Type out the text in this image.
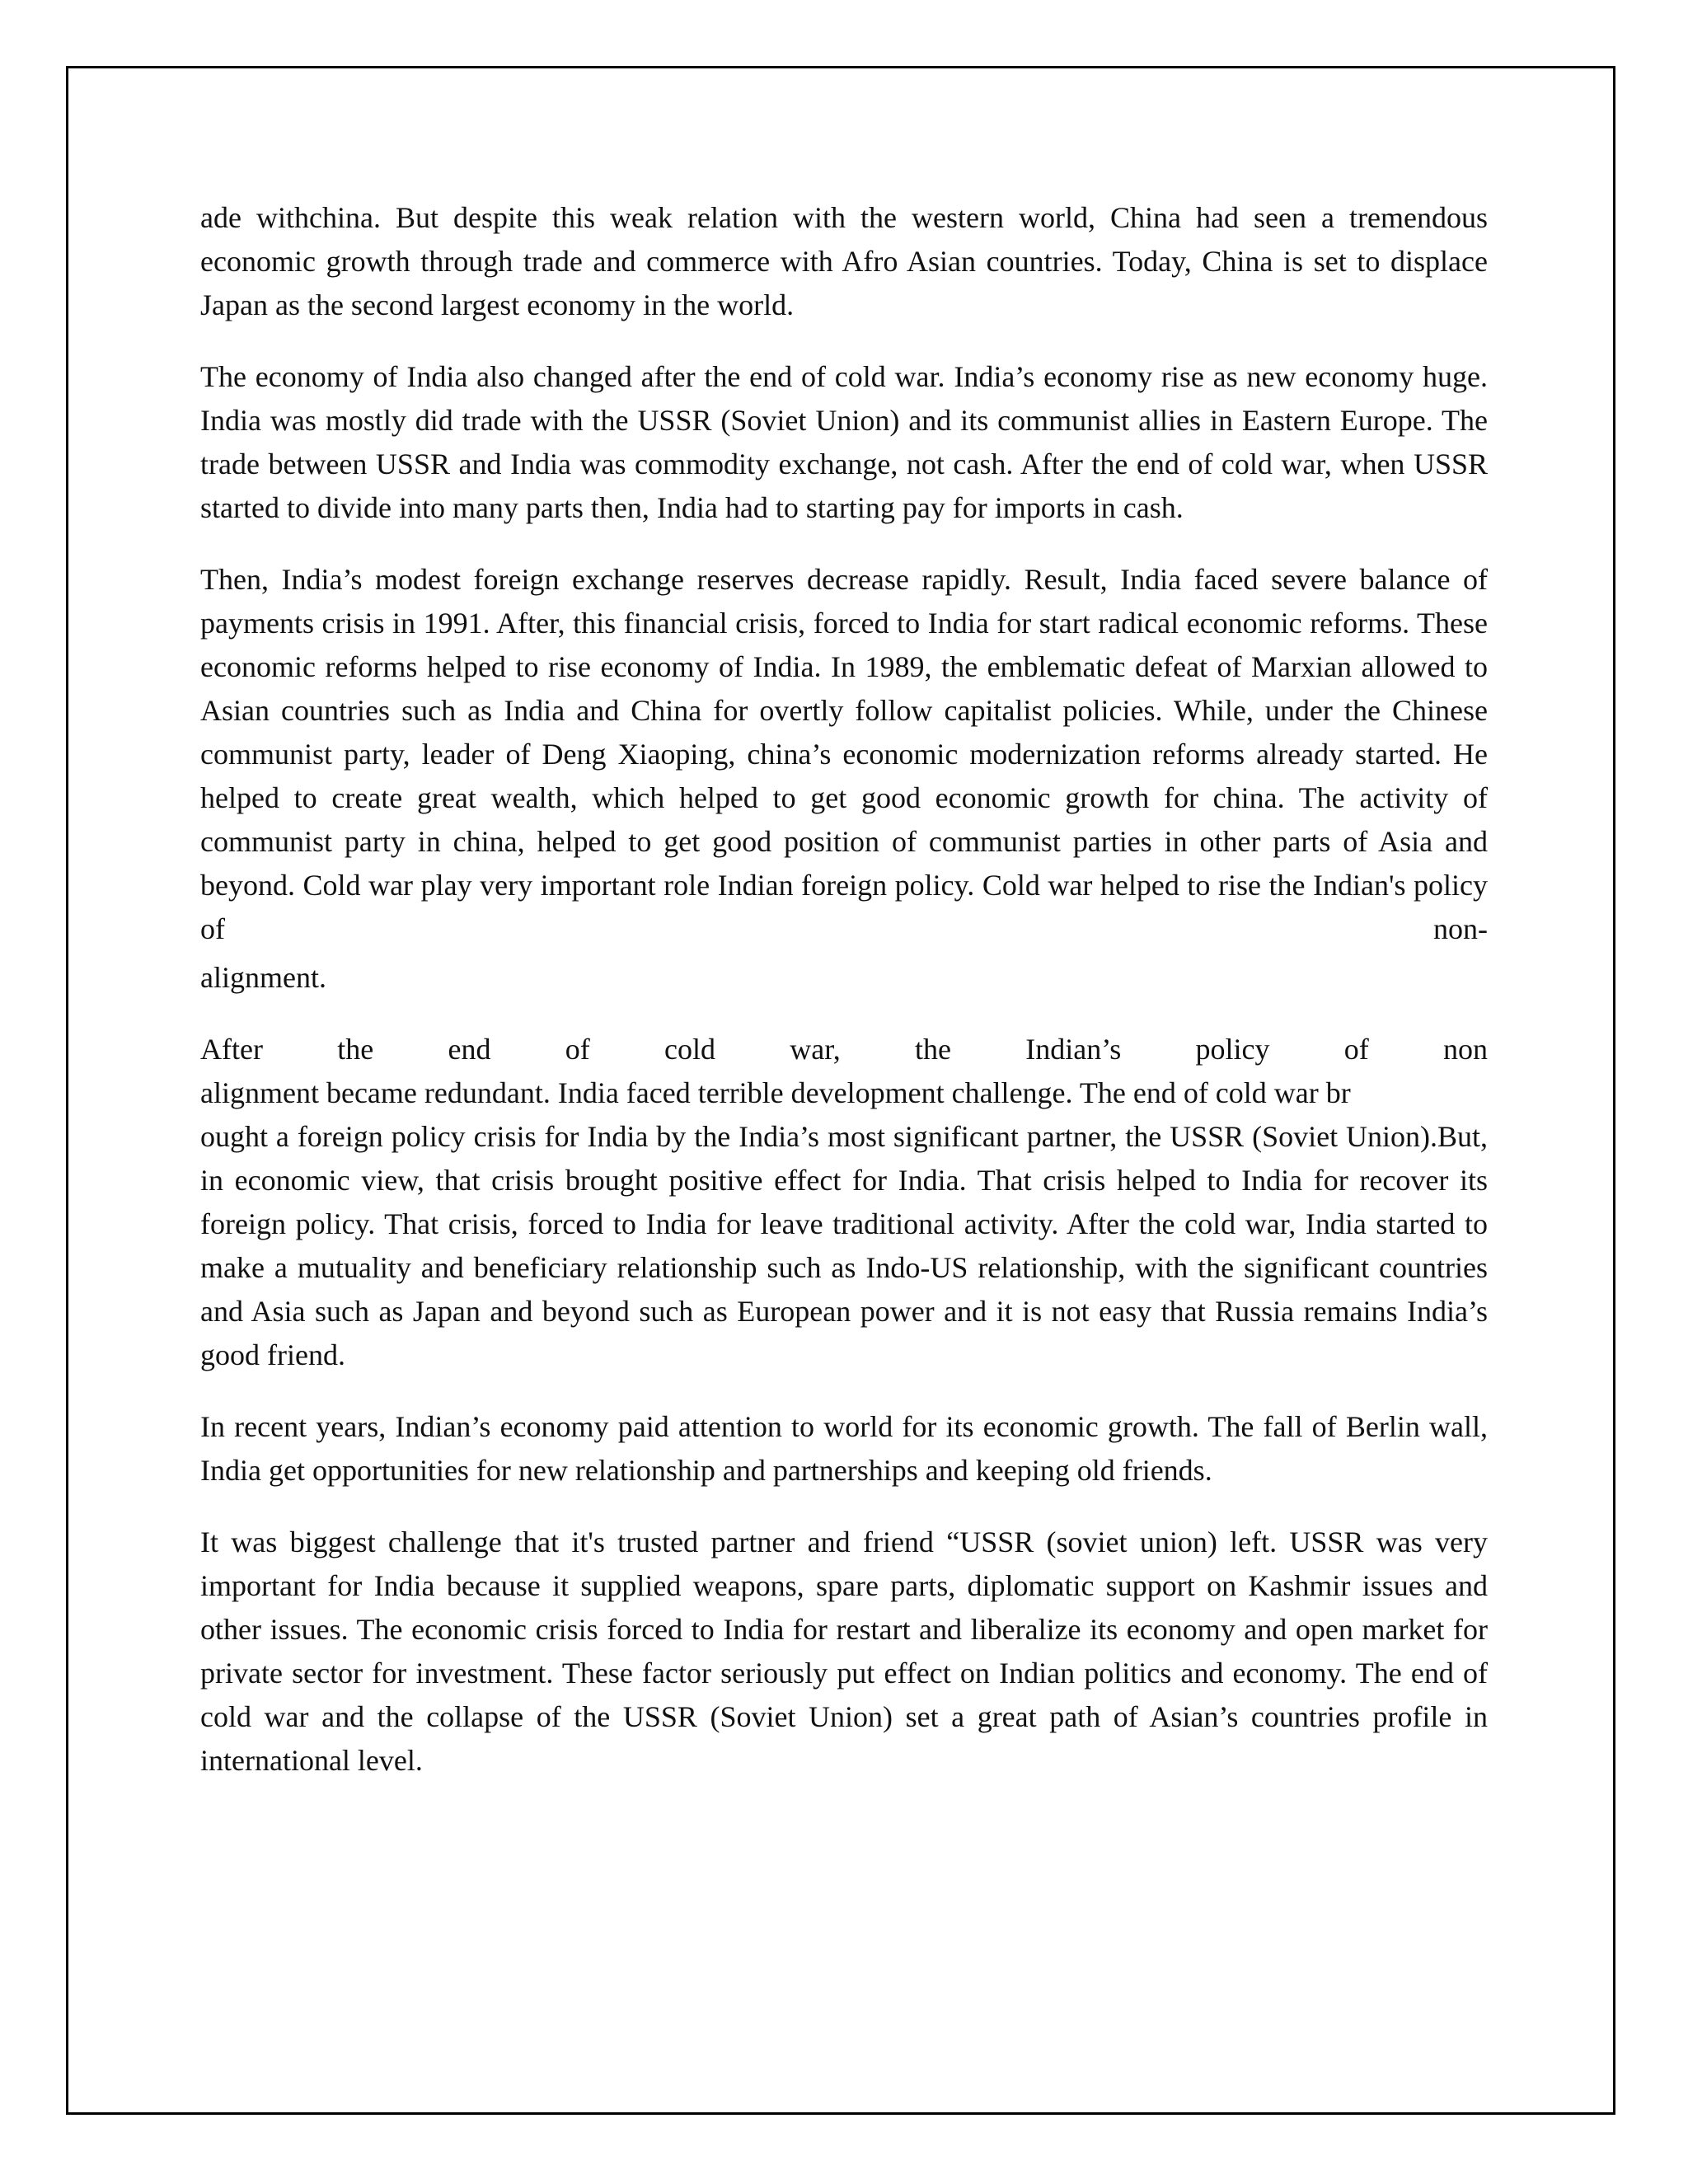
ade withchina. But despite this weak relation with the western world, China had seen a tremendous economic growth through trade and commerce with Afro Asian countries. Today, China is set to displace Japan as the second largest economy in the world.

The economy of India also changed after the end of cold war. India’s economy rise as new economy huge. India was mostly did trade with the USSR (Soviet Union) and its communist allies in Eastern Europe. The trade between USSR and India was commodity exchange, not cash. After the end of cold war, when USSR started to divide into many parts then, India had to starting pay for imports in cash.

Then, India’s modest foreign exchange reserves decrease rapidly. Result, India faced severe balance of payments crisis in 1991. After, this financial crisis, forced to India for start radical economic reforms. These economic reforms helped to rise economy of India. In 1989, the emblematic defeat of Marxian allowed to Asian countries such as India and China for overtly follow capitalist policies. While, under the Chinese communist party, leader of Deng Xiaoping, china’s economic modernization reforms already started. He helped to create great wealth, which helped to get good economic growth for china. The activity of communist party in china, helped to get good position of communist parties in other parts of Asia and beyond. Cold war play very important role Indian foreign policy. Cold war helped to rise the Indian's policy of non-

alignment.

After the end of cold war, the Indian’s policy of non
alignment became redundant. India faced terrible development challenge. The end of cold war br
ought a foreign policy crisis for India by the India’s most significant partner, the USSR (Soviet Union).But, in economic view, that crisis brought positive effect for India. That crisis helped to India for recover its foreign policy. That crisis, forced to India for leave traditional activity. After the cold war, India started to make a mutuality and beneficiary relationship such as Indo-US relationship, with the significant countries and Asia such as Japan and beyond such as European power and it is not easy that Russia remains India’s good friend.

In recent years, Indian’s economy paid attention to world for its economic growth. The fall of Berlin wall, India get opportunities for new relationship and partnerships and keeping old friends.

It was biggest challenge that it's trusted partner and friend “USSR (soviet union) left. USSR was very important for India because it supplied weapons, spare parts, diplomatic support on Kashmir issues and other issues. The economic crisis forced to India for restart and liberalize its economy and open market for private sector for investment. These factor seriously put effect on Indian politics and economy. The end of cold war and the collapse of the USSR (Soviet Union) set a great path of Asian’s countries profile in international level.
